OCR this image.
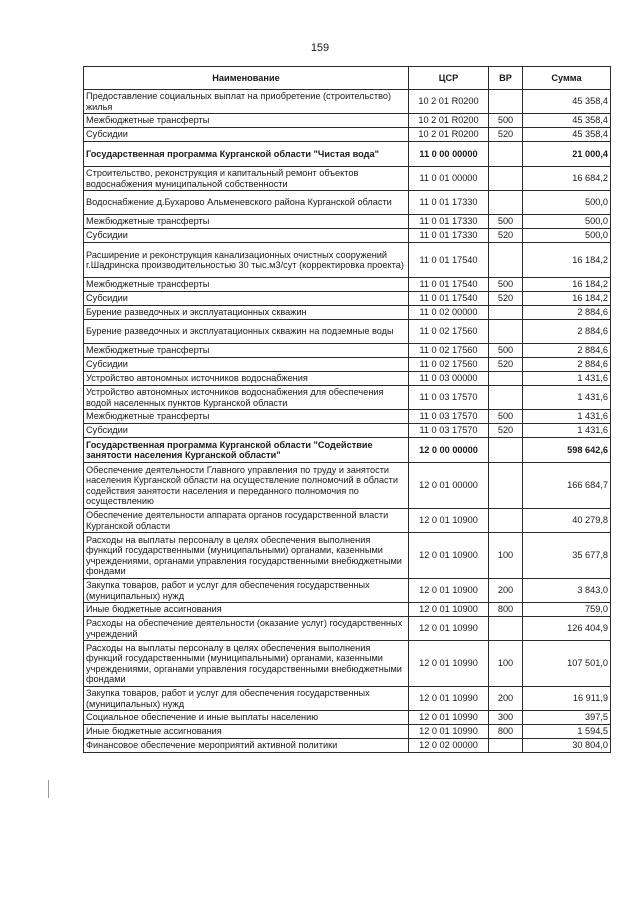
159
Наименование	ЦСР	ВР	Сумма
Предоставление социальных выплат на приобретение (строительство) жилья	10 2 01 R0200		45 358,4
Межбюджетные трансферты	10 2 01 R0200	500	45 358,4
Субсидии	10 2 01 R0200	520	45 358,4
Государственная программа Курганской области "Чистая вода"	11 0 00 00000		21 000,4
Строительство, реконструкция и капитальный ремонт объектов водоснабжения муниципальной собственности	11 0 01 00000		16 684,2
Водоснабжение д.Бухарово Альменевского района Курганской области	11 0 01 17330		500,0
Межбюджетные трансферты	11 0 01 17330	500	500,0
Субсидии	11 0 01 17330	520	500,0
Расширение и реконструкция канализационных очистных сооружений г.Шадринска производительностью 30 тыс.м3/сут (корректировка проекта)	11 0 01 17540		16 184,2
Межбюджетные трансферты	11 0 01 17540	500	16 184,2
Субсидии	11 0 01 17540	520	16 184,2
Бурение разведочных и эксплуатационных скважин	11 0 02 00000		2 884,6
Бурение разведочных и эксплуатационных скважин на подземные воды	11 0 02 17560		2 884,6
Межбюджетные трансферты	11 0 02 17560	500	2 884,6
Субсидии	11 0 02 17560	520	2 884,6
Устройство автономных источников водоснабжения	11 0 03 00000		1 431,6
Устройство автономных источников водоснабжения для обеспечения водой населенных пунктов Курганской области	11 0 03 17570		1 431,6
Межбюджетные трансферты	11 0 03 17570	500	1 431,6
Субсидии	11 0 03 17570	520	1 431,6
Государственная программа Курганской области "Содействие занятости населения Курганской области"	12 0 00 00000		598 642,6
Обеспечение деятельности Главного управления по труду и занятости населения Курганской области на осуществление полномочий в области содействия занятости населения и переданного полномочия по осуществлению	12 0 01 00000		166 684,7
Обеспечение деятельности аппарата органов государственной власти Курганской области	12 0 01 10900		40 279,8
Расходы на выплаты персоналу в целях обеспечения выполнения функций государственными (муниципальными) органами, казенными учреждениями, органами управления государственными внебюджетными фондами	12 0 01 10900	100	35 677,8
Закупка товаров, работ и услуг для обеспечения государственных (муниципальных) нужд	12 0 01 10900	200	3 843,0
Иные бюджетные ассигнования	12 0 01 10900	800	759,0
Расходы на обеспечение деятельности (оказание услуг) государственных учреждений	12 0 01 10990		126 404,9
Расходы на выплаты персоналу в целях обеспечения выполнения функций государственными (муниципальными) органами, казенными учреждениями, органами управления государственными внебюджетными фондами	12 0 01 10990	100	107 501,0
Закупка товаров, работ и услуг для обеспечения государственных (муниципальных) нужд	12 0 01 10990	200	16 911,9
Социальное обеспечение и иные выплаты населению	12 0 01 10990	300	397,5
Иные бюджетные ассигнования	12 0 01 10990	800	1 594,5
Финансовое обеспечение мероприятий активной политики	12 0 02 00000		30 804,0
